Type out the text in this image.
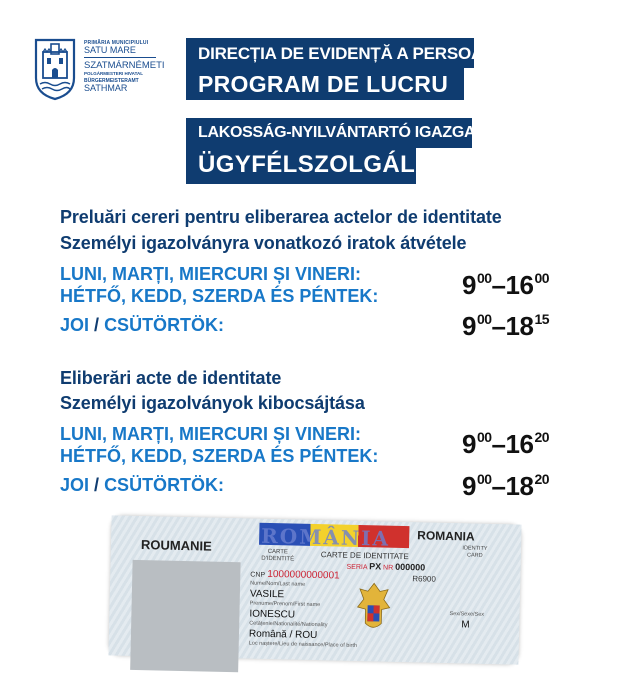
PRIMĂRIA MUNICIPIULUI
SATU MARE
SZATMÁRNÉMETI
POLGÁRMESTERI HIVATAL
BÜRGERMEISTERAMT
SATHMAR
DIRECȚIA DE EVIDENȚĂ A PERSOANELOR
PROGRAM DE LUCRU
LAKOSSÁG-NYILVÁNTARTÓ IGAZGATÓSÁG
ÜGYFÉLSZOLGÁLAT
Preluări cereri pentru eliberarea actelor de identitate
Személyi igazolványra vonatkozó iratok átvétele
LUNI, MARȚI, MIERCURI ȘI VINERI:
HÉTFŐ, KEDD, SZERDA ÉS PÉNTEK:	$9^{00}-16^{00}$
JOI / CSÜTÖRTÖK:	$9^{00}-18^{15}$
Eliberări acte de identitate
Személyi igazolványok kibocsájtása
LUNI, MARȚI, MIERCURI ȘI VINERI:
HÉTFŐ, KEDD, SZERDA ÉS PÉNTEK:	$9^{00}-16^{20}$
JOI / CSÜTÖRTÖK:	$9^{00}-18^{20}$
ROMÂNIA
ROUMANIE
ROMANIA
CARTE D'IDENTITÉ	CARTE DE IDENTITATE
IDENTITY CARD
SERIA PX NR 000000
CNP 1000000000001	R6900
Nume/Nom/Last name
VASILE
Prenume/Prenom/First name
IONESCU
Cetățenie/Nationalité/Nationality
Română / ROU
Sex/Sexe/Sex
M
Loc naștere/Lieu de naissance/Place of birth
